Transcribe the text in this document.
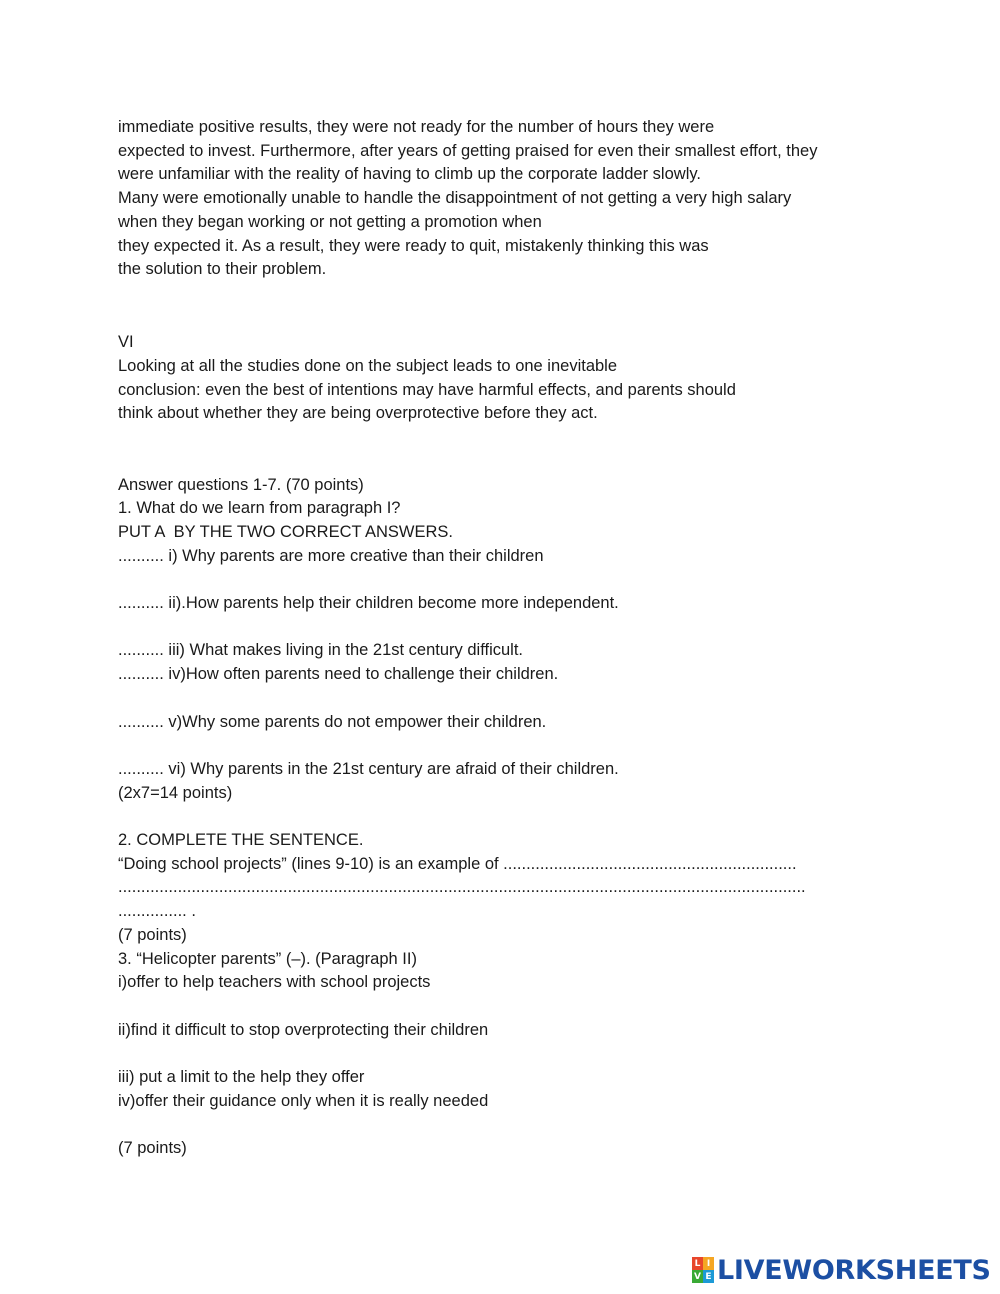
immediate positive results, they were not ready for the number of hours they were
expected to invest. Furthermore, after years of getting praised for even their smallest effort, they
were unfamiliar with the reality of having to climb up the corporate ladder slowly.
Many were emotionally unable to handle the disappointment of not getting a very high salary
when they began working or not getting a promotion when
they expected it. As a result, they were ready to quit, mistakenly thinking this was
the solution to their problem.
VI
Looking at all the studies done on the subject leads to one inevitable
conclusion: even the best of intentions may have harmful effects, and parents should
think about whether they are being overprotective before they act.
Answer questions 1-7. (70 points)
1. What do we learn from paragraph I?
PUT A  BY THE TWO CORRECT ANSWERS.
.......... i) Why parents are more creative than their children
.......... ii).How parents help their children become more independent.
.......... iii) What makes living in the 21st century difficult.
.......... iv)How often parents need to challenge their children.
.......... v)Why some parents do not empower their children.
.......... vi) Why parents in the 21st century are afraid of their children.
(2x7=14 points)
2. COMPLETE THE SENTENCE.
“Doing school projects” (lines 9-10) is an example of ................................................................
......................................................................................................................................................
............... .
(7 points)
3. “Helicopter parents” (–). (Paragraph II)
i)offer to help teachers with school projects
ii)find it difficult to stop overprotecting their children
iii) put a limit to the help they offer
iv)offer their guidance only when it is really needed
(7 points)
L I
V E LIVEWORKSHEETS
